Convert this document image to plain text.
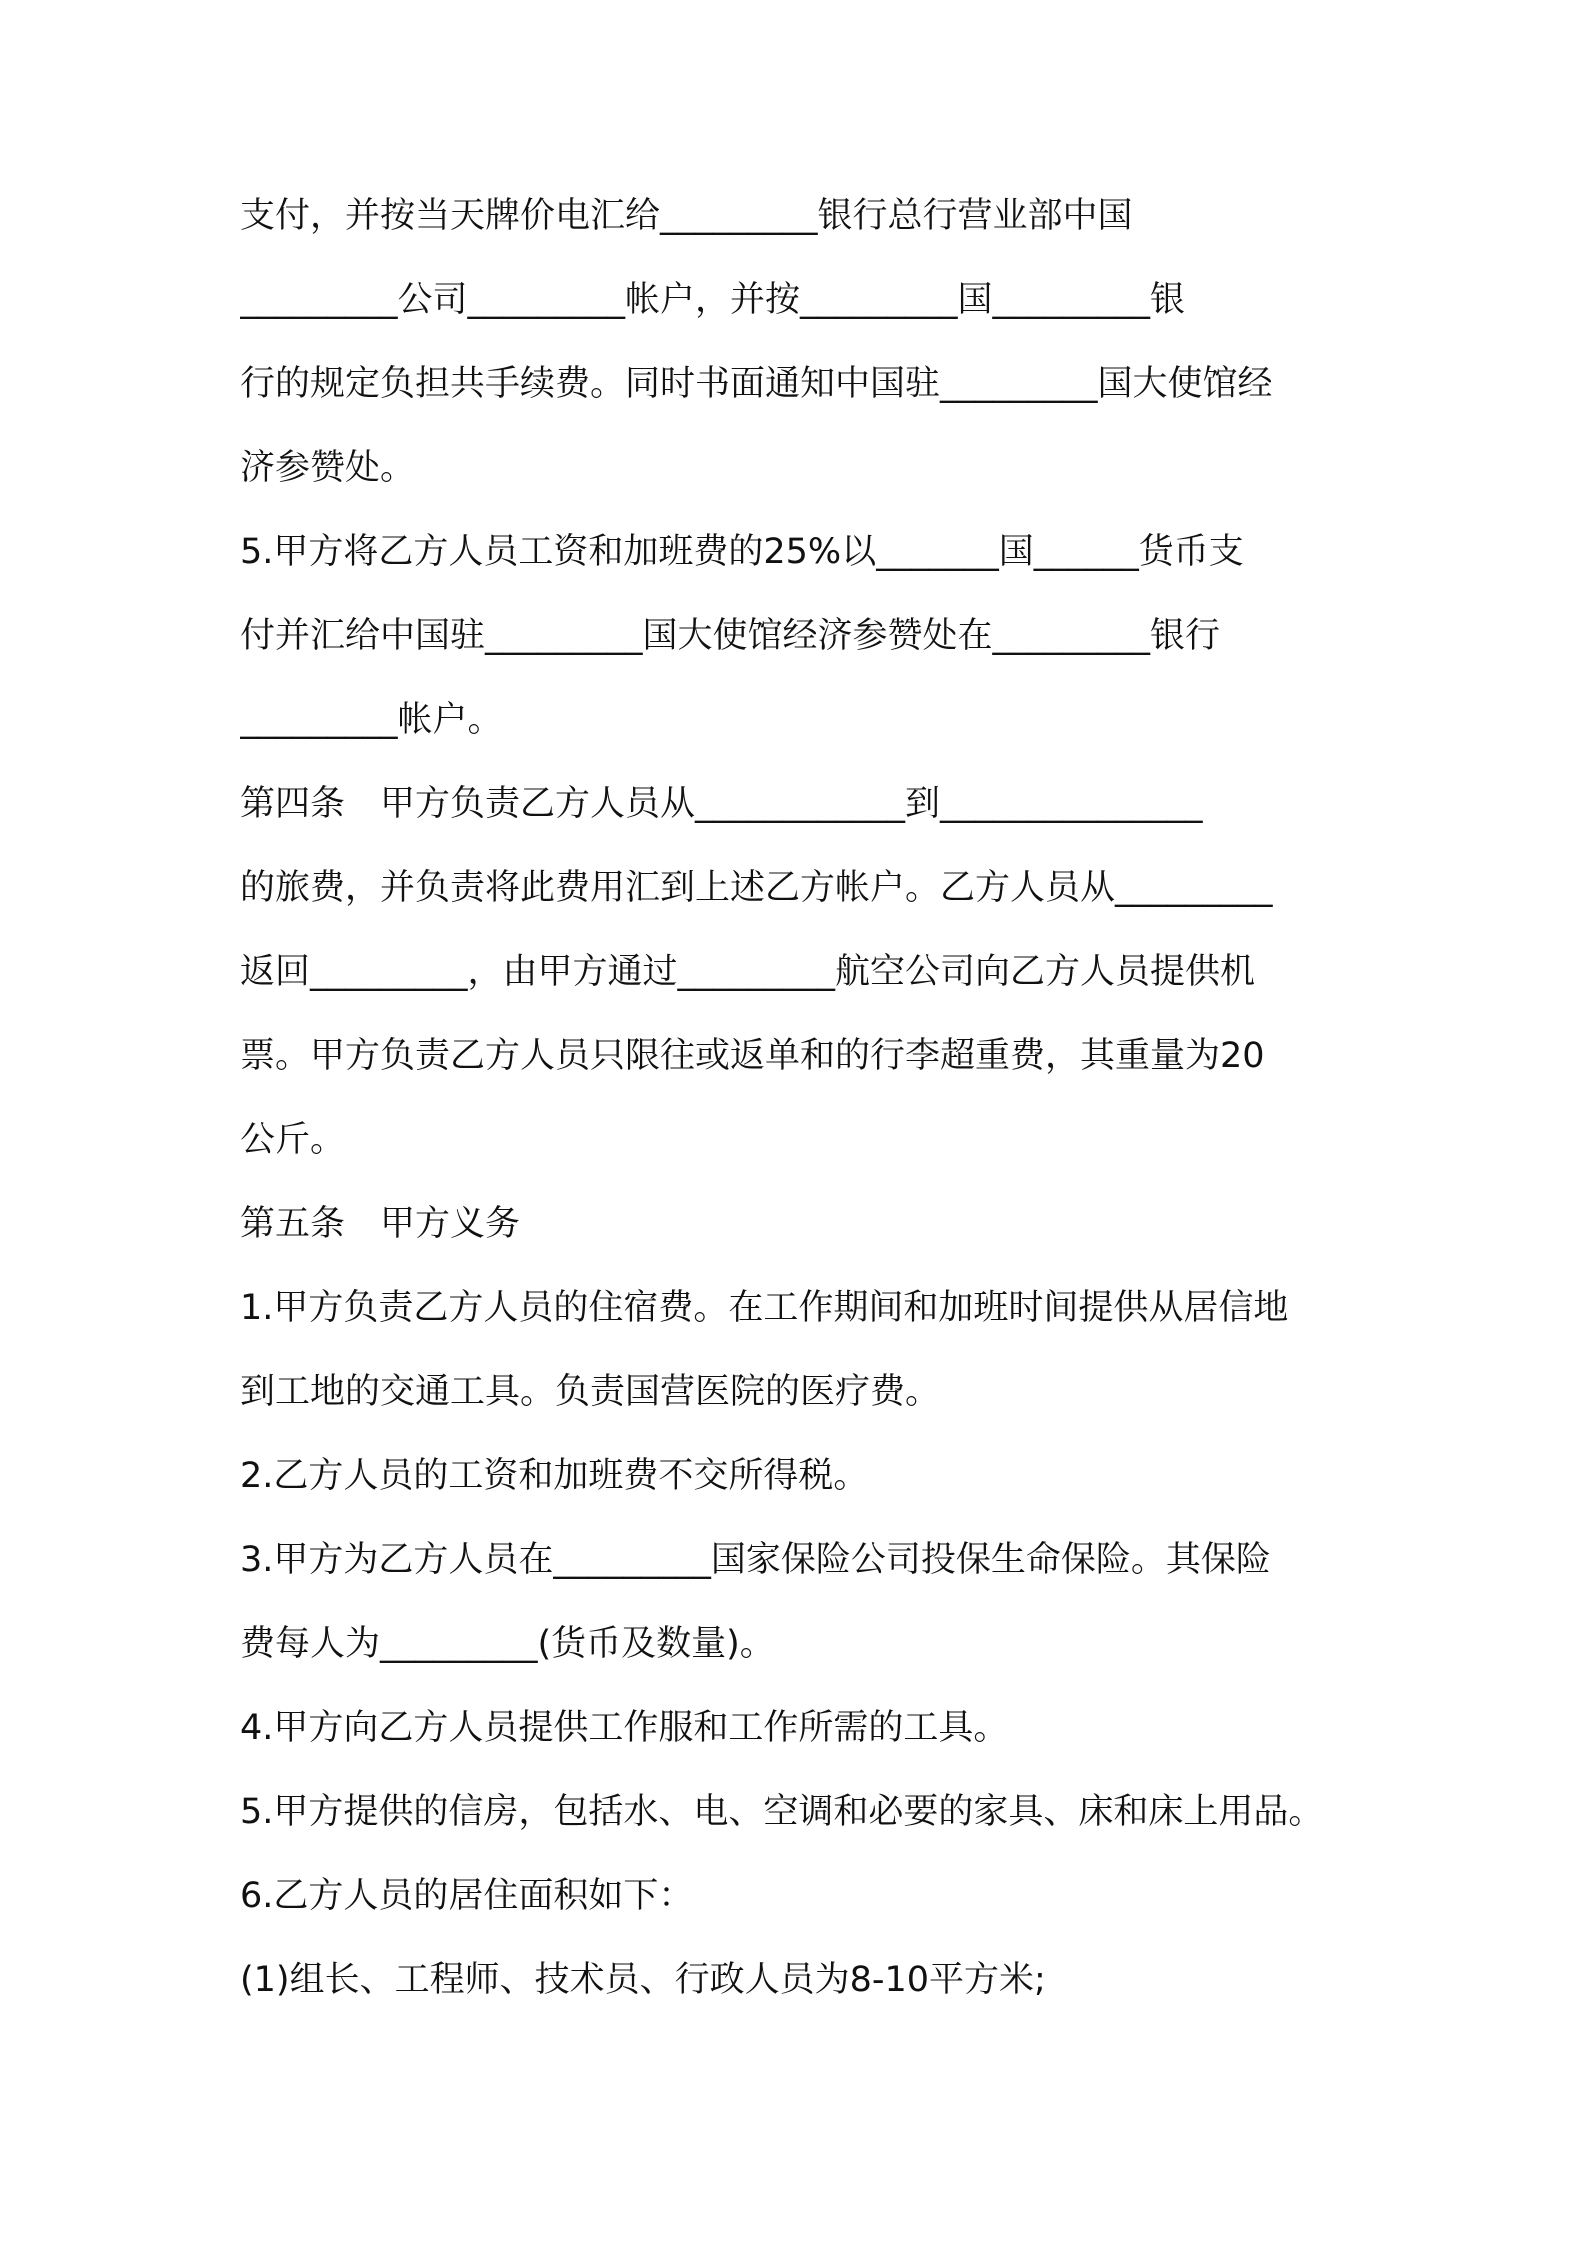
支付，并按当天牌价电汇给_________银行总行营业部中国
_________公司_________帐户，并按_________国_________银
行的规定负担共手续费。同时书面通知中国驻_________国大使馆经
济参赞处。
5.甲方将乙方人员工资和加班费的25%以_______国______货币支
付并汇给中国驻_________国大使馆经济参赞处在_________银行
_________帐户。
第四条　甲方负责乙方人员从____________到_______________
的旅费，并负责将此费用汇到上述乙方帐户。乙方人员从_________
返回_________，由甲方通过_________航空公司向乙方人员提供机
票。甲方负责乙方人员只限往或返单和的行李超重费，其重量为20
公斤。
第五条　甲方义务
1.甲方负责乙方人员的住宿费。在工作期间和加班时间提供从居信地
到工地的交通工具。负责国营医院的医疗费。
2.乙方人员的工资和加班费不交所得税。
3.甲方为乙方人员在_________国家保险公司投保生命保险。其保险
费每人为_________(货币及数量)。
4.甲方向乙方人员提供工作服和工作所需的工具。
5.甲方提供的信房，包括水、电、空调和必要的家具、床和床上用品。
6.乙方人员的居住面积如下：
(1)组长、工程师、技术员、行政人员为8-10平方米;
